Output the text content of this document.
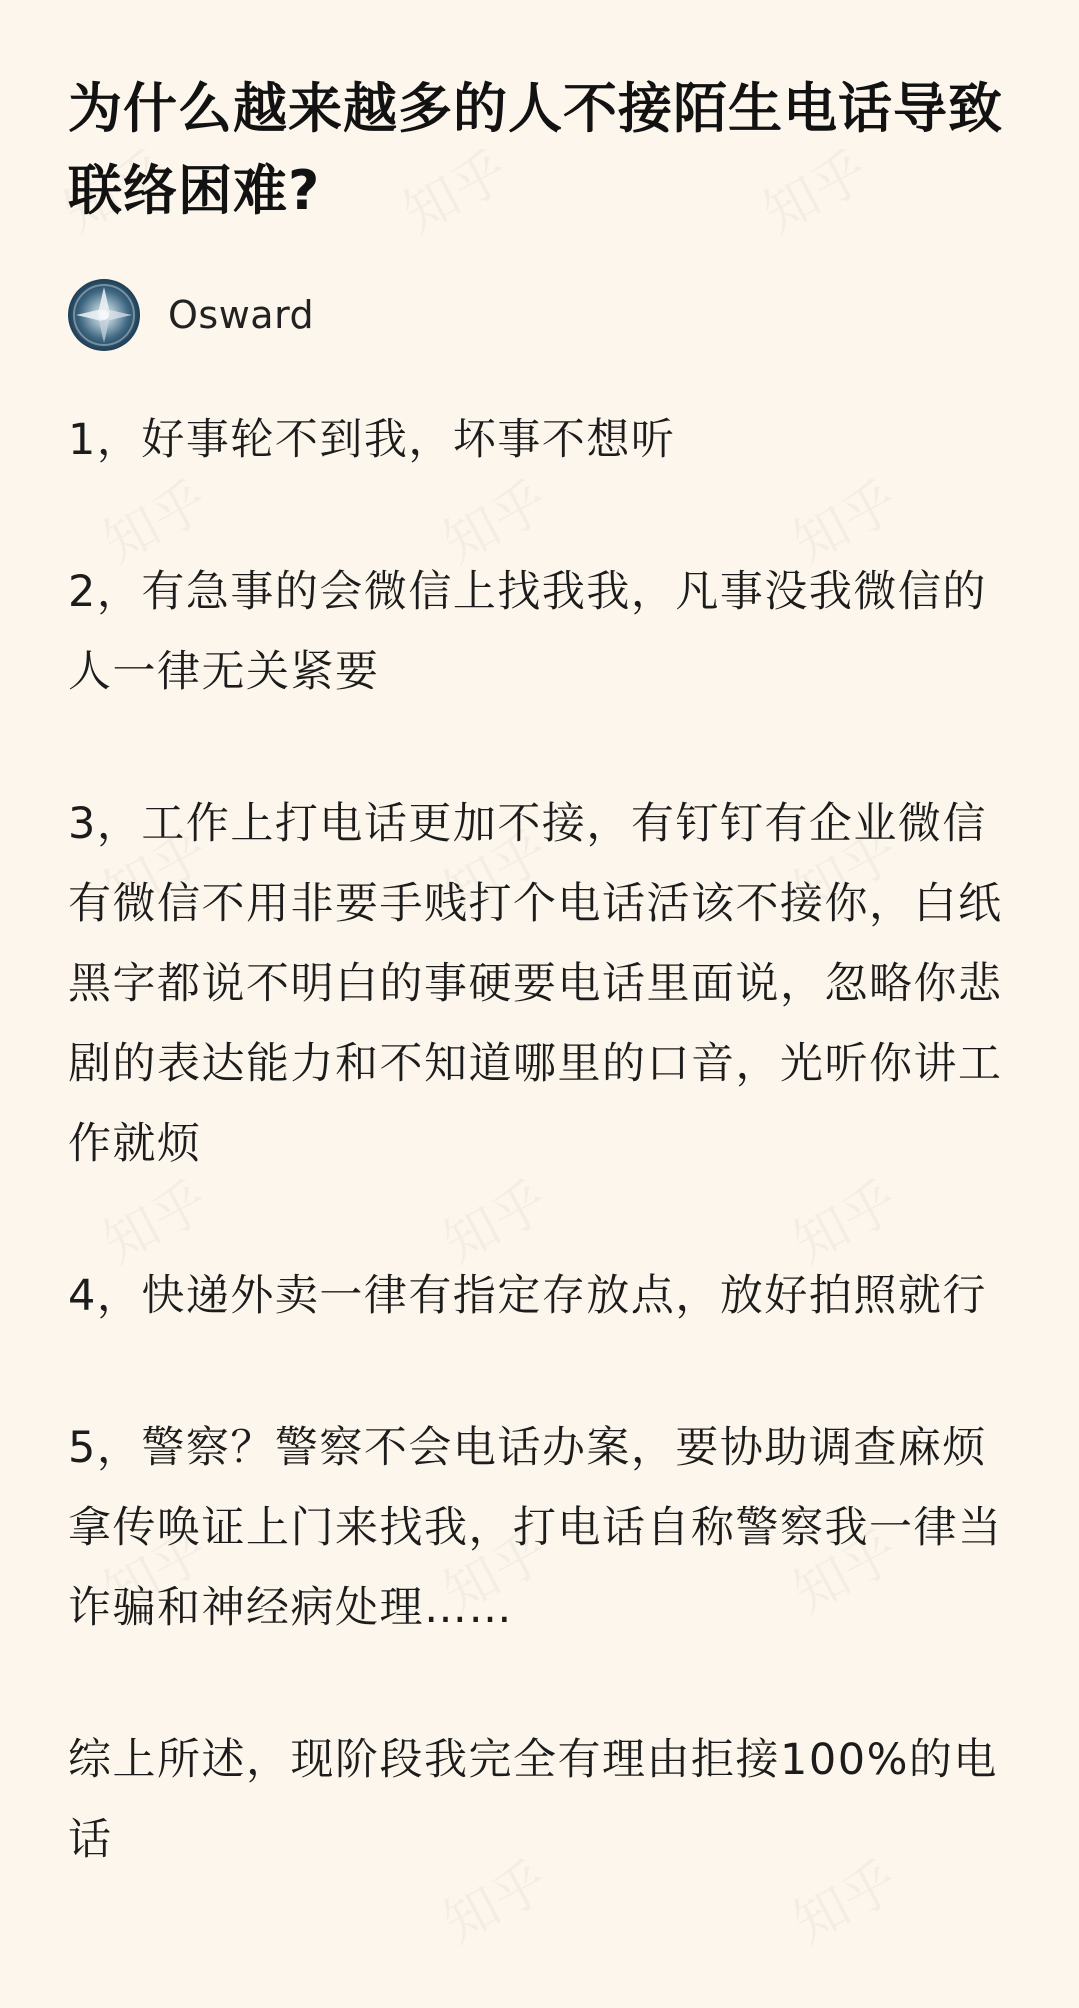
为什么越来越多的人不接陌生电话导致联络困难?
Osward

1，好事轮不到我，坏事不想听

2，有急事的会微信上找我我，凡事没我微信的人一律无关紧要

3，工作上打电话更加不接，有钉钉有企业微信有微信不用非要手贱打个电话活该不接你，白纸黑字都说不明白的事硬要电话里面说，忽略你悲剧的表达能力和不知道哪里的口音，光听你讲工作就烦

4，快递外卖一律有指定存放点，放好拍照就行

5，警察？警察不会电话办案，要协助调查麻烦拿传唤证上门来找我，打电话自称警察我一律当诈骗和神经病处理……

综上所述，现阶段我完全有理由拒接100%的电话
